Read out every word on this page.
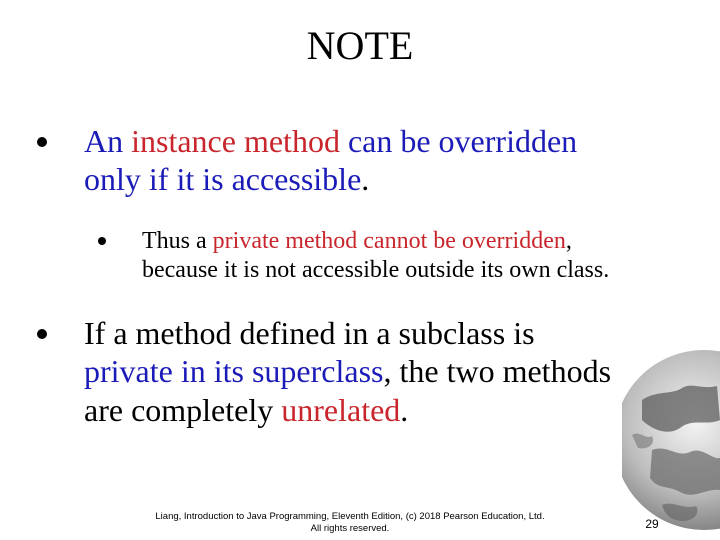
NOTE
An instance method can be overridden
only if it is accessible.
Thus a private method cannot be overridden,
because it is not accessible outside its own class.
If a method defined in a subclass is
private in its superclass, the two methods
are completely unrelated.
Liang, Introduction to Java Programming, Eleventh Edition, (c) 2018 Pearson Education, Ltd.
All rights reserved.	29
